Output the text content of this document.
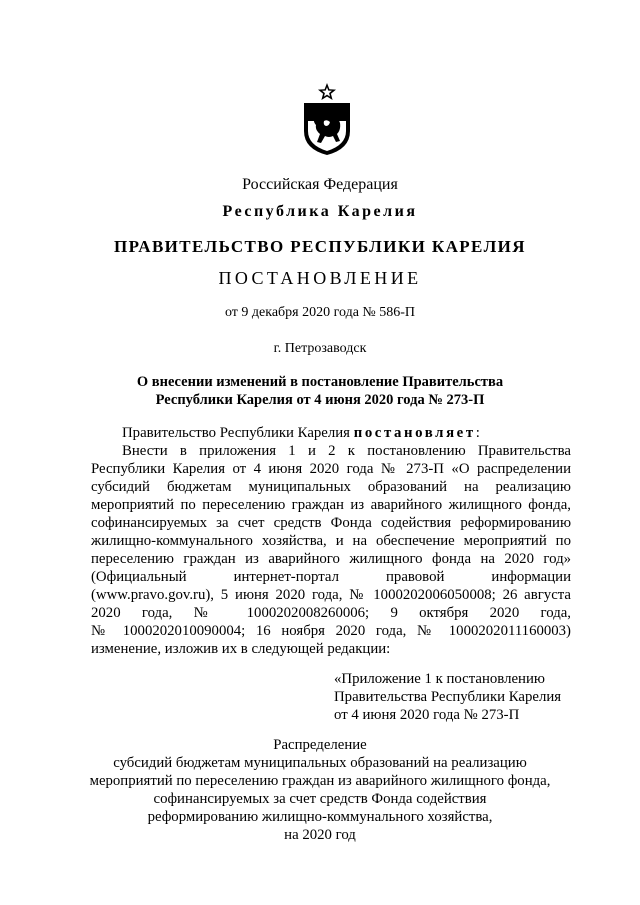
Российская Федерация
Республика Карелия
ПРАВИТЕЛЬСТВО РЕСПУБЛИКИ КАРЕЛИЯ
ПОСТАНОВЛЕНИЕ
от 9 декабря 2020 года № 586-П
г. Петрозаводск
О внесении изменений в постановление Правительства
Республики Карелия от 4 июня 2020 года № 273-П
Правительство Республики Карелия постановляет:
Внести в приложения 1 и 2 к постановлению Правительства
Республики Карелия от 4 июня 2020 года № 273-П «О распределении
субсидий бюджетам муниципальных образований на реализацию
мероприятий по переселению граждан из аварийного жилищного фонда,
софинансируемых за счет средств Фонда содействия реформированию
жилищно-коммунального хозяйства, и на обеспечение мероприятий по
переселению граждан из аварийного жилищного фонда на 2020 год»
(Официальный интернет-портал правовой информации
(www.pravo.gov.ru), 5 июня 2020 года, № 1000202006050008; 26 августа
2020 года, № 1000202008260006; 9 октября 2020 года,
№ 1000202010090004; 16 ноября 2020 года, № 1000202011160003)
изменение, изложив их в следующей редакции:
«Приложение 1 к постановлению
Правительства Республики Карелия
от 4 июня 2020 года № 273-П
Распределение
субсидий бюджетам муниципальных образований на реализацию
мероприятий по переселению граждан из аварийного жилищного фонда,
софинансируемых за счет средств Фонда содействия
реформированию жилищно-коммунального хозяйства,
на 2020 год
